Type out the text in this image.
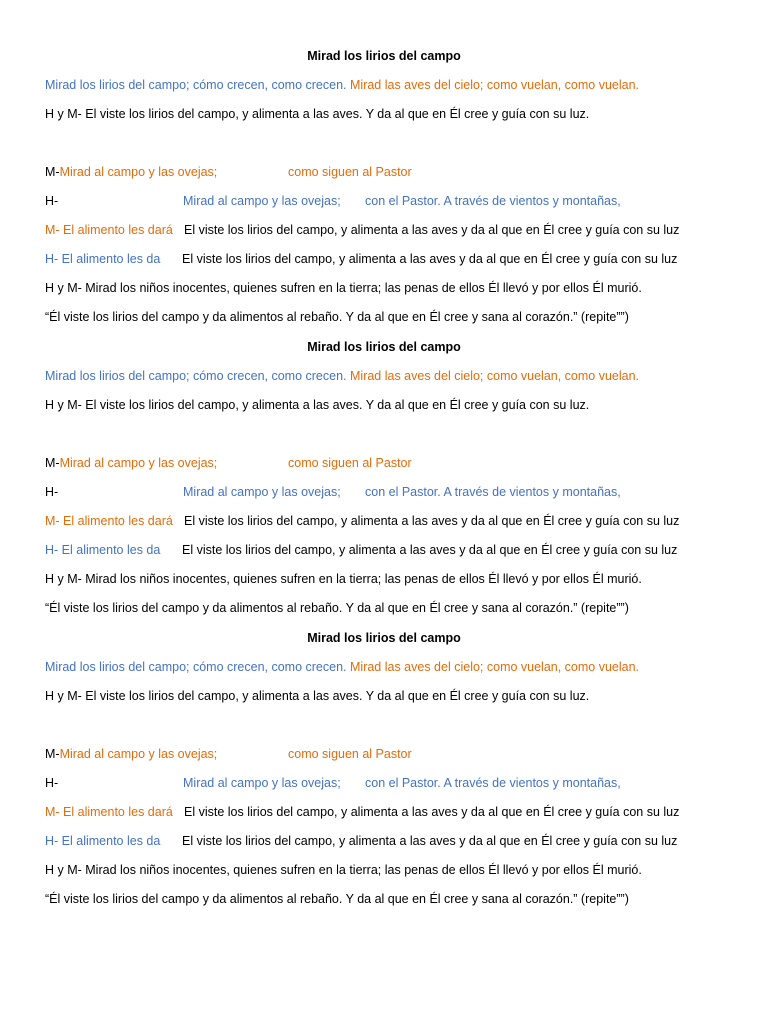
Mirad los lirios del campo
Mirad los lirios del campo; cómo crecen, como crecen. Mirad las aves del cielo; como vuelan, como vuelan.
H y M- El viste los lirios del campo, y alimenta a las aves. Y da al que en Él cree y guía con su luz.
M-Mirad al campo y las ovejas;	como siguen al Pastor
H-	Mirad al campo y las ovejas; con el Pastor. A través de vientos y montañas,
M- El alimento les dará El viste los lirios del campo, y alimenta a las aves y da al que en Él cree y guía con su luz
H- El alimento les da El viste los lirios del campo, y alimenta a las aves y da al que en Él cree y guía con su luz
H y M- Mirad los niños inocentes, quienes sufren en la tierra; las penas de ellos Él llevó y por ellos Él murió.
“Él viste los lirios del campo y da alimentos al rebaño. Y da al que en Él cree y sana al corazón.” (repite””)
Mirad los lirios del campo
Mirad los lirios del campo; cómo crecen, como crecen. Mirad las aves del cielo; como vuelan, como vuelan.
H y M- El viste los lirios del campo, y alimenta a las aves. Y da al que en Él cree y guía con su luz.
M-Mirad al campo y las ovejas;	como siguen al Pastor
H-	Mirad al campo y las ovejas; con el Pastor. A través de vientos y montañas,
M- El alimento les dará El viste los lirios del campo, y alimenta a las aves y da al que en Él cree y guía con su luz
H- El alimento les da El viste los lirios del campo, y alimenta a las aves y da al que en Él cree y guía con su luz
H y M- Mirad los niños inocentes, quienes sufren en la tierra; las penas de ellos Él llevó y por ellos Él murió.
“Él viste los lirios del campo y da alimentos al rebaño. Y da al que en Él cree y sana al corazón.” (repite””)
Mirad los lirios del campo
Mirad los lirios del campo; cómo crecen, como crecen. Mirad las aves del cielo; como vuelan, como vuelan.
H y M- El viste los lirios del campo, y alimenta a las aves. Y da al que en Él cree y guía con su luz.
M-Mirad al campo y las ovejas;	como siguen al Pastor
H-	Mirad al campo y las ovejas; con el Pastor. A través de vientos y montañas,
M- El alimento les dará El viste los lirios del campo, y alimenta a las aves y da al que en Él cree y guía con su luz
H- El alimento les da El viste los lirios del campo, y alimenta a las aves y da al que en Él cree y guía con su luz
H y M- Mirad los niños inocentes, quienes sufren en la tierra; las penas de ellos Él llevó y por ellos Él murió.
“Él viste los lirios del campo y da alimentos al rebaño. Y da al que en Él cree y sana al corazón.” (repite””)
